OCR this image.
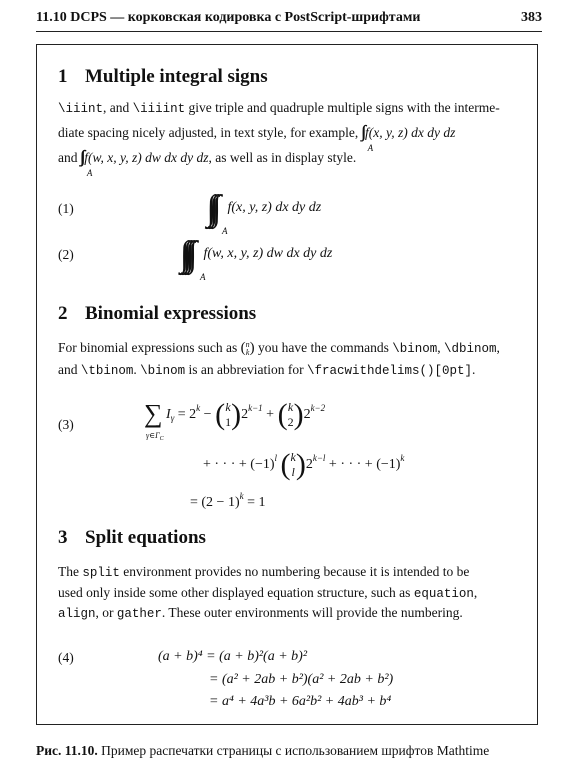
11.10 DCPS — корковская кодировка с PostScript-шрифтами	383
1 Multiple integral signs
\iiint, and \iiiint give triple and quadruple multiple signs with the interme-
diate spacing nicely adjusted, in text style, for example, f(x, y, z) dx dy dz
A
and f(w, x, y, z) dw dx dy dz
A
, as well as in display style.
(1)	f(x, y, z) dx dy dz
A
(2)	f(w, x, y, z) dw dx dy dz
A
2 Binomial expressions
For binomial expressions such as (n
k) you have the commands \binom, \dbinom,
and \tbinom. \binom is an abbreviation for \frac​withdelims()[0pt].
(3)	∑
$\gamma\in\Gamma_C$
$I_\gamma = 2^k - (k$
$1)2^{k-1} + (k$
$2)2^{k-2}$
+ · · · + $(-1)^l$ (k
$l)2^{k-l}$ + · · · + $(-1)^k$
= $(2 - 1)^k = 1$
3 Split equations
The split environment provides no numbering because it is intended to be
used only inside some other displayed equation structure, such as equation,
align, or gather. These outer environments will provide the numbering.
(4)	(a + b)⁴ = (a + b)²(a + b)²
= (a² + 2ab + b²)(a² + 2ab + b²)
= a⁴ + 4a³b + 6a²b² + 4ab³ + b⁴
Рис. 11.10. Пример распечатки страницы с использованием шрифтов Mathtime
